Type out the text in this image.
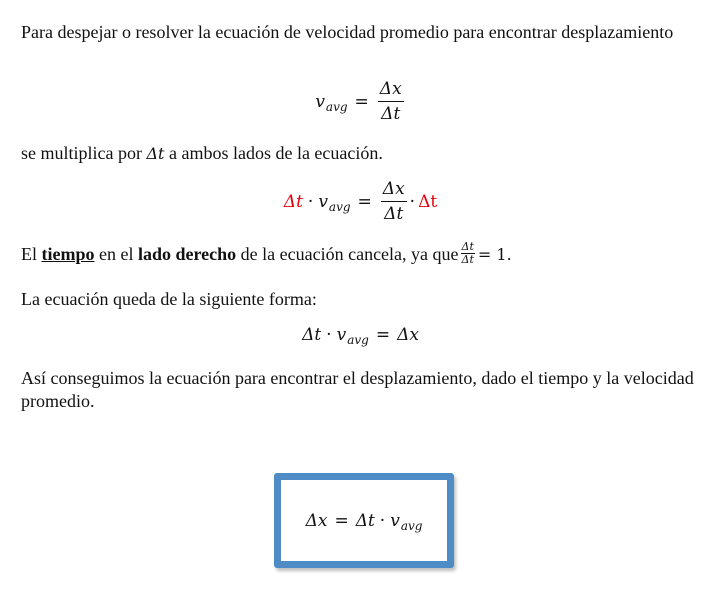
Para despejar o resolver la ecuación de velocidad promedio para encontrar desplazamiento

v avg = $\frac{\Delta x}{\Delta t}$

se multiplica por Δt a ambos lados de la ecuación.

Δt · v avg = $\frac{\Delta x}{\Delta t} \cdot \Delta t$

El tiempo en el lado derecho de la ecuación cancela, ya que $\frac{\Delta t}{\Delta t} = 1$.

La ecuación queda de la siguiente forma:

Δt · v avg = Δx

Así conseguimos la ecuación para encontrar el desplazamiento, dado el tiempo y la velocidad promedio.

Δx = Δt · v avg
